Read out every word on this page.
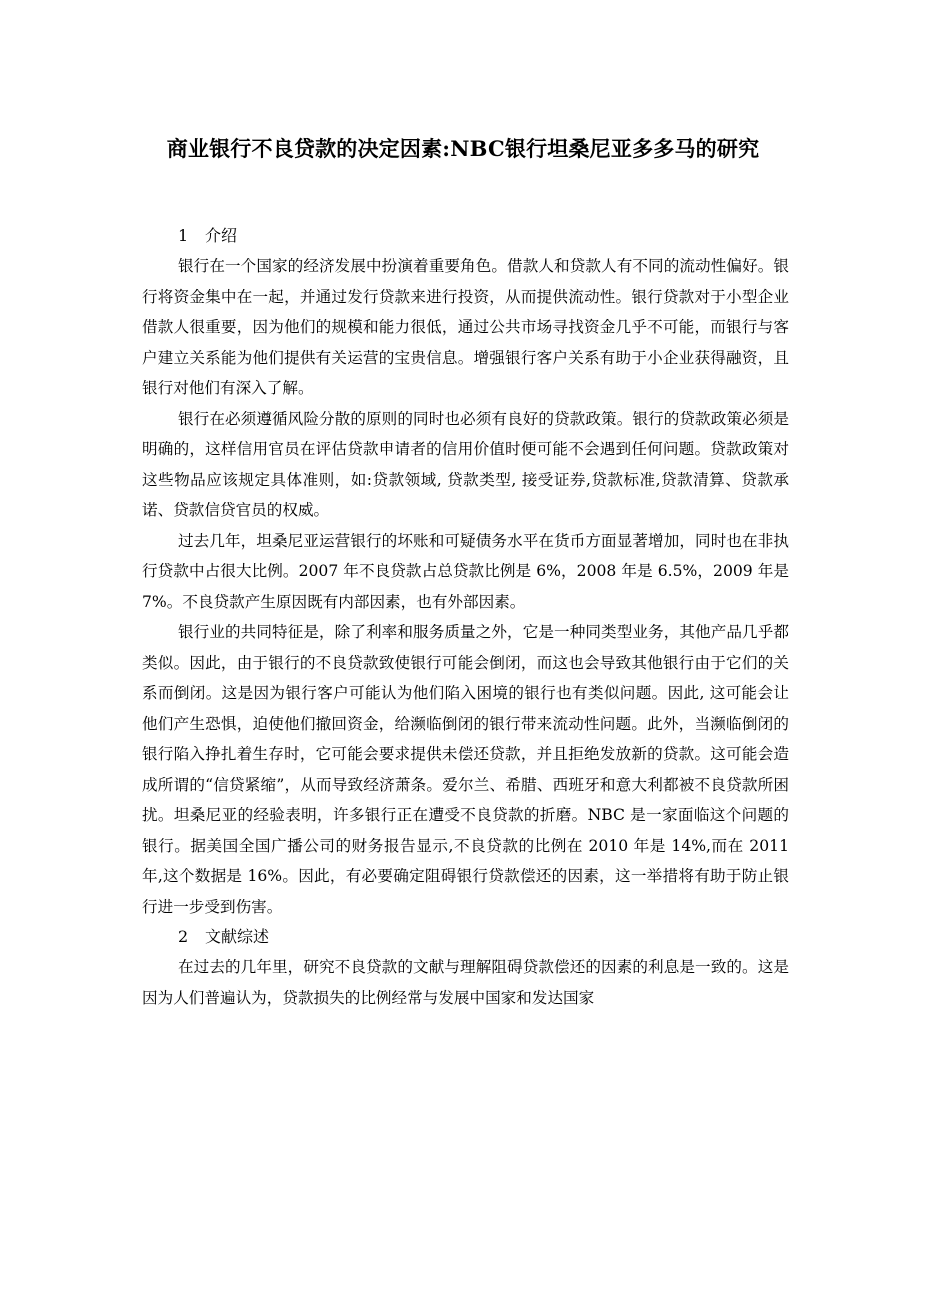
商业银行不良贷款的决定因素:NBC银行坦桑尼亚多多马的研究

1 介绍

银行在一个国家的经济发展中扮演着重要角色。借款人和贷款人有不同的流动性偏好。银行将资金集中在一起，并通过发行贷款来进行投资，从而提供流动性。银行贷款对于小型企业借款人很重要，因为他们的规模和能力很低，通过公共市场寻找资金几乎不可能，而银行与客户建立关系能为他们提供有关运营的宝贵信息。增强银行客户关系有助于小企业获得融资，且银行对他们有深入了解。

银行在必须遵循风险分散的原则的同时也必须有良好的贷款政策。银行的贷款政策必须是明确的，这样信用官员在评估贷款申请者的信用价值时便可能不会遇到任何问题。贷款政策对这些物品应该规定具体准则，如:贷款领域, 贷款类型, 接受证券,贷款标准,贷款清算、贷款承诺、贷款信贷官员的权威。

过去几年，坦桑尼亚运营银行的坏账和可疑债务水平在货币方面显著增加，同时也在非执行贷款中占很大比例。2007 年不良贷款占总贷款比例是 6%，2008 年是 6.5%，2009 年是 7%。不良贷款产生原因既有内部因素，也有外部因素。

银行业的共同特征是，除了利率和服务质量之外，它是一种同类型业务，其他产品几乎都类似。因此，由于银行的不良贷款致使银行可能会倒闭，而这也会导致其他银行由于它们的关系而倒闭。这是因为银行客户可能认为他们陷入困境的银行也有类似问题。因此, 这可能会让他们产生恐惧，迫使他们撤回资金，给濒临倒闭的银行带来流动性问题。此外，当濒临倒闭的银行陷入挣扎着生存时，它可能会要求提供未偿还贷款，并且拒绝发放新的贷款。这可能会造成所谓的“信贷紧缩”，从而导致经济萧条。爱尔兰、希腊、西班牙和意大利都被不良贷款所困扰。坦桑尼亚的经验表明，许多银行正在遭受不良贷款的折磨。NBC 是一家面临这个问题的银行。据美国全国广播公司的财务报告显示,不良贷款的比例在 2010 年是 14%,而在 2011 年,这个数据是 16%。因此，有必要确定阻碍银行贷款偿还的因素，这一举措将有助于防止银行进一步受到伤害。

2 文献综述

在过去的几年里，研究不良贷款的文献与理解阻碍贷款偿还的因素的利息是一致的。这是因为人们普遍认为，贷款损失的比例经常与发展中国家和发达国家
